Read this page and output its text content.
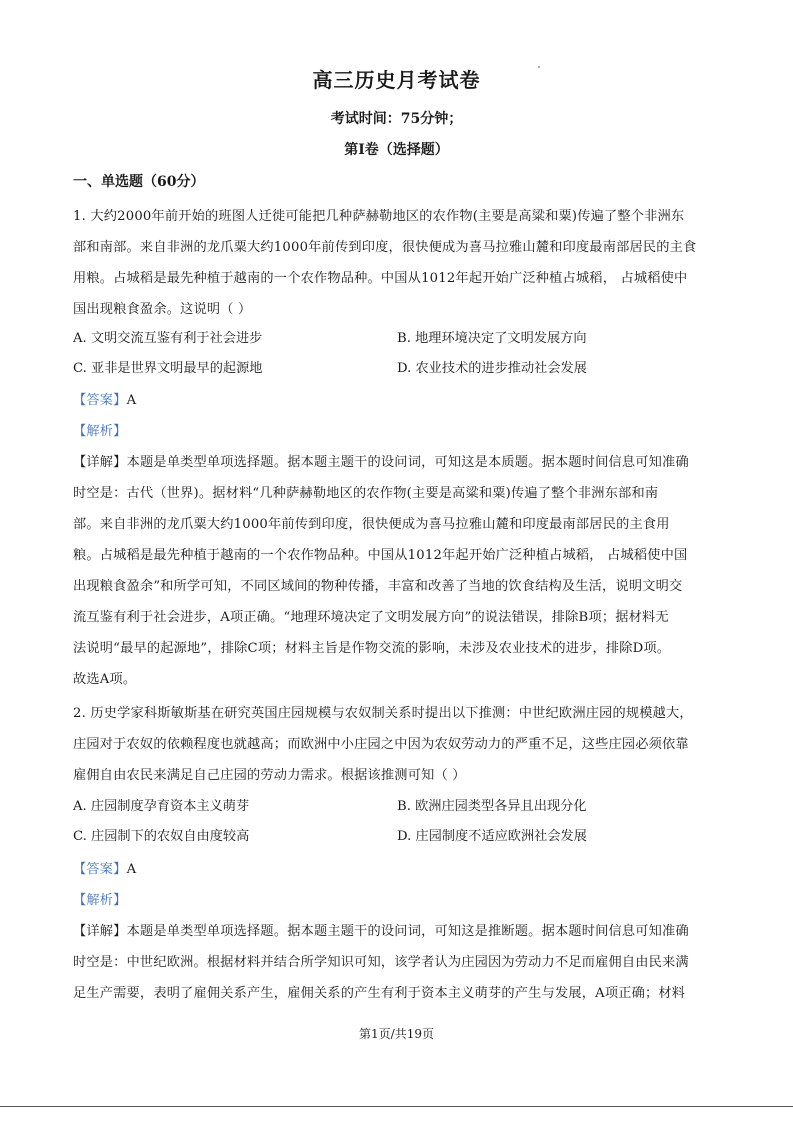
高三历史月考试卷
考试时间：75分钟；
第Ⅰ卷（选择题）
一、单选题（60分）
1. 大约2000年前开始的班图人迁徙可能把几种萨赫勒地区的农作物(主要是高粱和粟)传遍了整个非洲东
部和南部。来自非洲的龙爪粟大约1000年前传到印度，很快便成为喜马拉雅山麓和印度最南部居民的主食
用粮。占城稻是最先种植于越南的一个农作物品种。中国从1012年起开始广泛种植占城稻， 占城稻使中
国出现粮食盈余。这说明（ ）
A. 文明交流互鉴有利于社会进步	B. 地理环境决定了文明发展方向
C. 亚非是世界文明最早的起源地	D. 农业技术的进步推动社会发展
【答案】A
【解析】
【详解】本题是单类型单项选择题。据本题主题干的设问词，可知这是本质题。据本题时间信息可知准确
时空是：古代（世界)。据材料“几种萨赫勒地区的农作物(主要是高粱和粟)传遍了整个非洲东部和南
部。来自非洲的龙爪粟大约1000年前传到印度，很快便成为喜马拉雅山麓和印度最南部居民的主食用
粮。占城稻是最先种植于越南的一个农作物品种。中国从1012年起开始广泛种植占城稻， 占城稻使中国
出现粮食盈余”和所学可知，不同区域间的物种传播，丰富和改善了当地的饮食结构及生活，说明文明交
流互鉴有利于社会进步，A项正确。“地理环境决定了文明发展方向”的说法错误，排除B项；据材料无
法说明“最早的起源地”，排除C项；材料主旨是作物交流的影响，未涉及农业技术的进步，排除D项。
故选A项。
2. 历史学家科斯敏斯基在研究英国庄园规模与农奴制关系时提出以下推测：中世纪欧洲庄园的规模越大，
庄园对于农奴的依赖程度也就越高；而欧洲中小庄园之中因为农奴劳动力的严重不足，这些庄园必须依靠
雇佣自由农民来满足自己庄园的劳动力需求。根据该推测可知（ ）
A. 庄园制度孕育资本主义萌芽	B. 欧洲庄园类型各异且出现分化
C. 庄园制下的农奴自由度较高	D. 庄园制度不适应欧洲社会发展
【答案】A
【解析】
【详解】本题是单类型单项选择题。据本题主题干的设问词，可知这是推断题。据本题时间信息可知准确
时空是：中世纪欧洲。根据材料并结合所学知识可知，该学者认为庄园因为劳动力不足而雇佣自由民来满
足生产需要，表明了雇佣关系产生，雇佣关系的产生有利于资本主义萌芽的产生与发展，A项正确；材料
第1页/共19页
